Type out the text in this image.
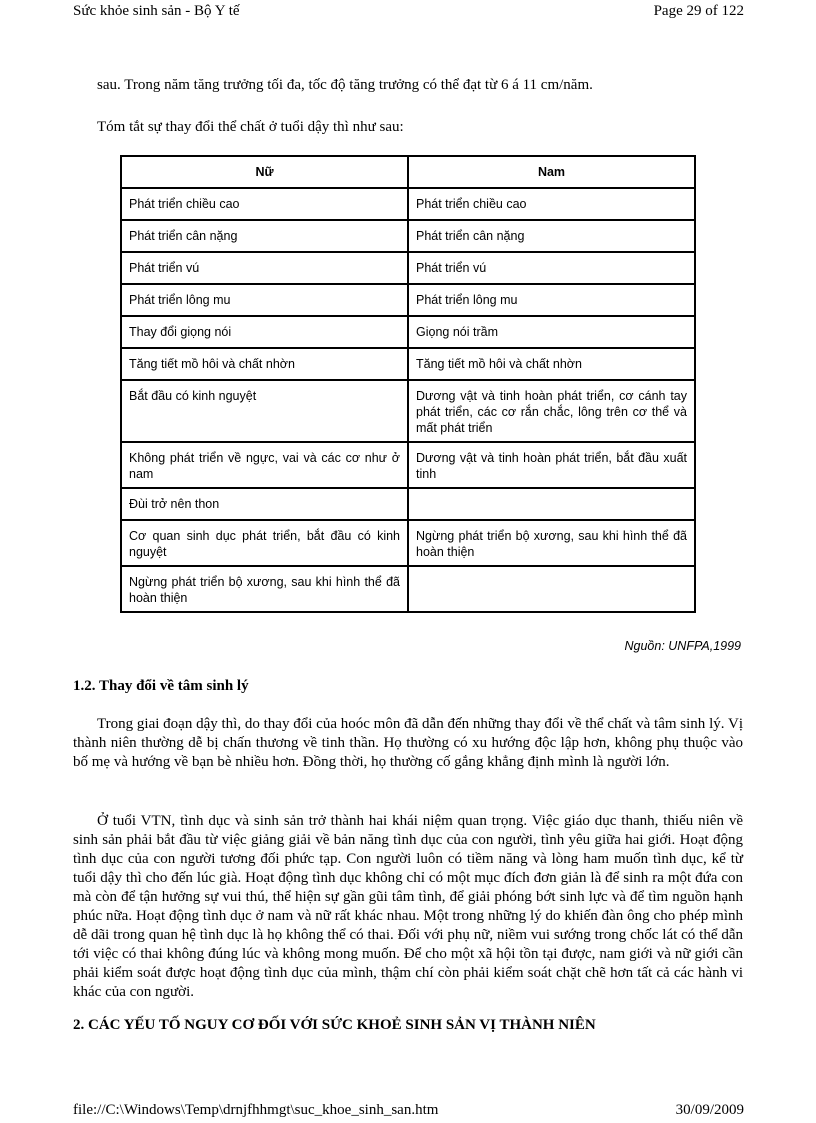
Sức khỏe sinh sản - Bộ Y tế	Page 29 of 122
sau. Trong năm tăng trưởng tối đa, tốc độ tăng trưởng có thể đạt từ 6 á 11 cm/năm.
Tóm tắt sự thay đổi thể chất ở tuổi dậy thì như sau:
Nữ	Nam
Phát triển chiều cao	Phát triển chiều cao
Phát triển cân nặng	Phát triển cân nặng
Phát triển vú	Phát triển vú
Phát triển lông mu	Phát triển lông mu
Thay đổi giọng nói	Giọng nói trầm
Tăng tiết mồ hôi và chất nhờn	Tăng tiết mồ hôi và chất nhờn
Bắt đầu có kinh nguyệt	Dương vật và tinh hoàn phát triển, cơ cánh tay phát triển, các cơ rắn chắc, lông trên cơ thể và mất phát triển
Không phát triển về ngực, vai và các cơ như ở nam	Dương vật và tinh hoàn phát triển, bắt đầu xuất tinh
Đùi trở nên thon	
Cơ quan sinh dục phát triển, bắt đầu có kinh nguyệt	Ngừng phát triển bộ xương, sau khi hình thể đã hoàn thiện
Ngừng phát triển bộ xương, sau khi hình thể đã hoàn thiện	
Nguồn: UNFPA,1999
1.2. Thay đổi về tâm sinh lý

Trong giai đoạn dậy thì, do thay đổi của hoóc môn đã dẫn đến những thay đổi về thể chất và tâm sinh lý. Vị thành niên thường dễ bị chấn thương về tinh thần. Họ thường có xu hướng độc lập hơn, không phụ thuộc vào bố mẹ và hướng về bạn bè nhiều hơn. Đồng thời, họ thường cố gắng khẳng định mình là người lớn.

Ở tuổi VTN, tình dục và sinh sản trở thành hai khái niệm quan trọng. Việc giáo dục thanh, thiếu niên về sinh sản phải bắt đầu từ việc giảng giải về bản năng tình dục của con người, tình yêu giữa hai giới. Hoạt động tình dục của con người tương đối phức tạp. Con người luôn có tiềm năng và lòng ham muốn tình dục, kể từ tuổi dậy thì cho đến lúc già. Hoạt động tình dục không chỉ có một mục đích đơn giản là để sinh ra một đứa con mà còn để tận hưởng sự vui thú, thể hiện sự gần gũi tâm tình, để giải phóng bớt sinh lực và để tìm nguồn hạnh phúc nữa. Hoạt động tình dục ở nam và nữ rất khác nhau. Một trong những lý do khiến đàn ông cho phép mình dễ dãi trong quan hệ tình dục là họ không thể có thai. Đối với phụ nữ, niềm vui sướng trong chốc lát có thể dẫn tới việc có thai không đúng lúc và không mong muốn. Để cho một xã hội tồn tại được, nam giới và nữ giới cần phải kiểm soát được hoạt động tình dục của mình, thậm chí còn phải kiểm soát chặt chẽ hơn tất cả các hành vi khác của con người.

2. CÁC YẾU TỐ NGUY CƠ ĐỐI VỚI SỨC KHOẺ SINH SẢN VỊ THÀNH NIÊN
file://C:\Windows\Temp\drnjfhhmgt\suc_khoe_sinh_san.htm	30/09/2009
